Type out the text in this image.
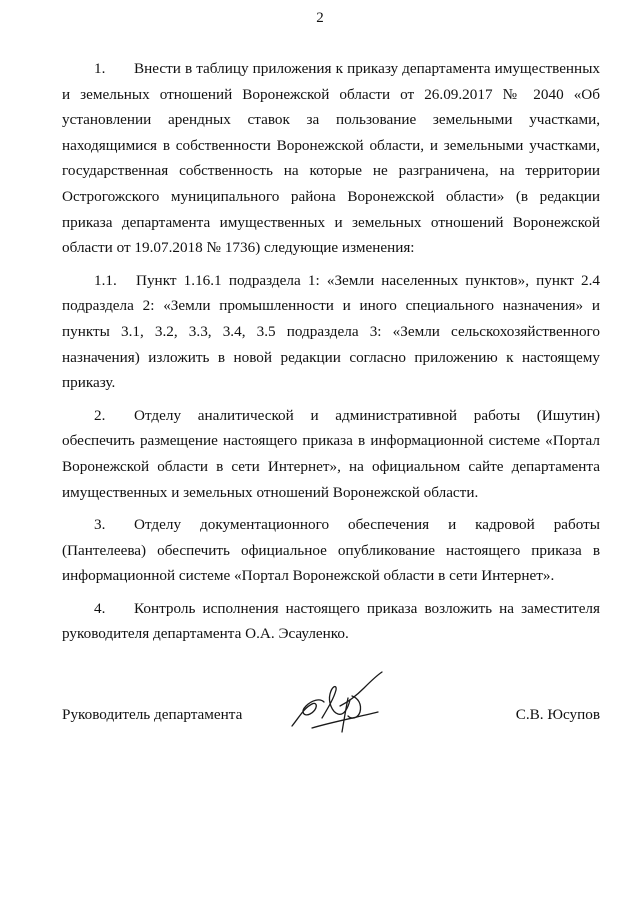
2

1. Внести в таблицу приложения к приказу департамента имущественных и земельных отношений Воронежской области от 26.09.2017 № 2040 «Об установлении арендных ставок за пользование земельными участками, находящимися в собственности Воронежской области, и земельными участками, государственная собственность на которые не разграничена, на территории Острогожского муниципального района Воронежской области» (в редакции приказа департамента имущественных и земельных отношений Воронежской области от 19.07.2018 № 1736) следующие изменения:

1.1. Пункт 1.16.1 подраздела 1: «Земли населенных пунктов», пункт 2.4 подраздела 2: «Земли промышленности и иного специального назначения» и пункты 3.1, 3.2, 3.3, 3.4, 3.5 подраздела 3: «Земли сельскохозяйственного назначения) изложить в новой редакции согласно приложению к настоящему приказу.

2. Отделу аналитической и административной работы (Ишутин) обеспечить размещение настоящего приказа в информационной системе «Портал Воронежской области в сети Интернет», на официальном сайте департамента имущественных и земельных отношений Воронежской области.

3. Отделу документационного обеспечения и кадровой работы (Пантелеева) обеспечить официальное опубликование настоящего приказа в информационной системе «Портал Воронежской области в сети Интернет».

4. Контроль исполнения настоящего приказа возложить на заместителя руководителя департамента О.А. Эсауленко.

Руководитель департамента	С.В. Юсупов
